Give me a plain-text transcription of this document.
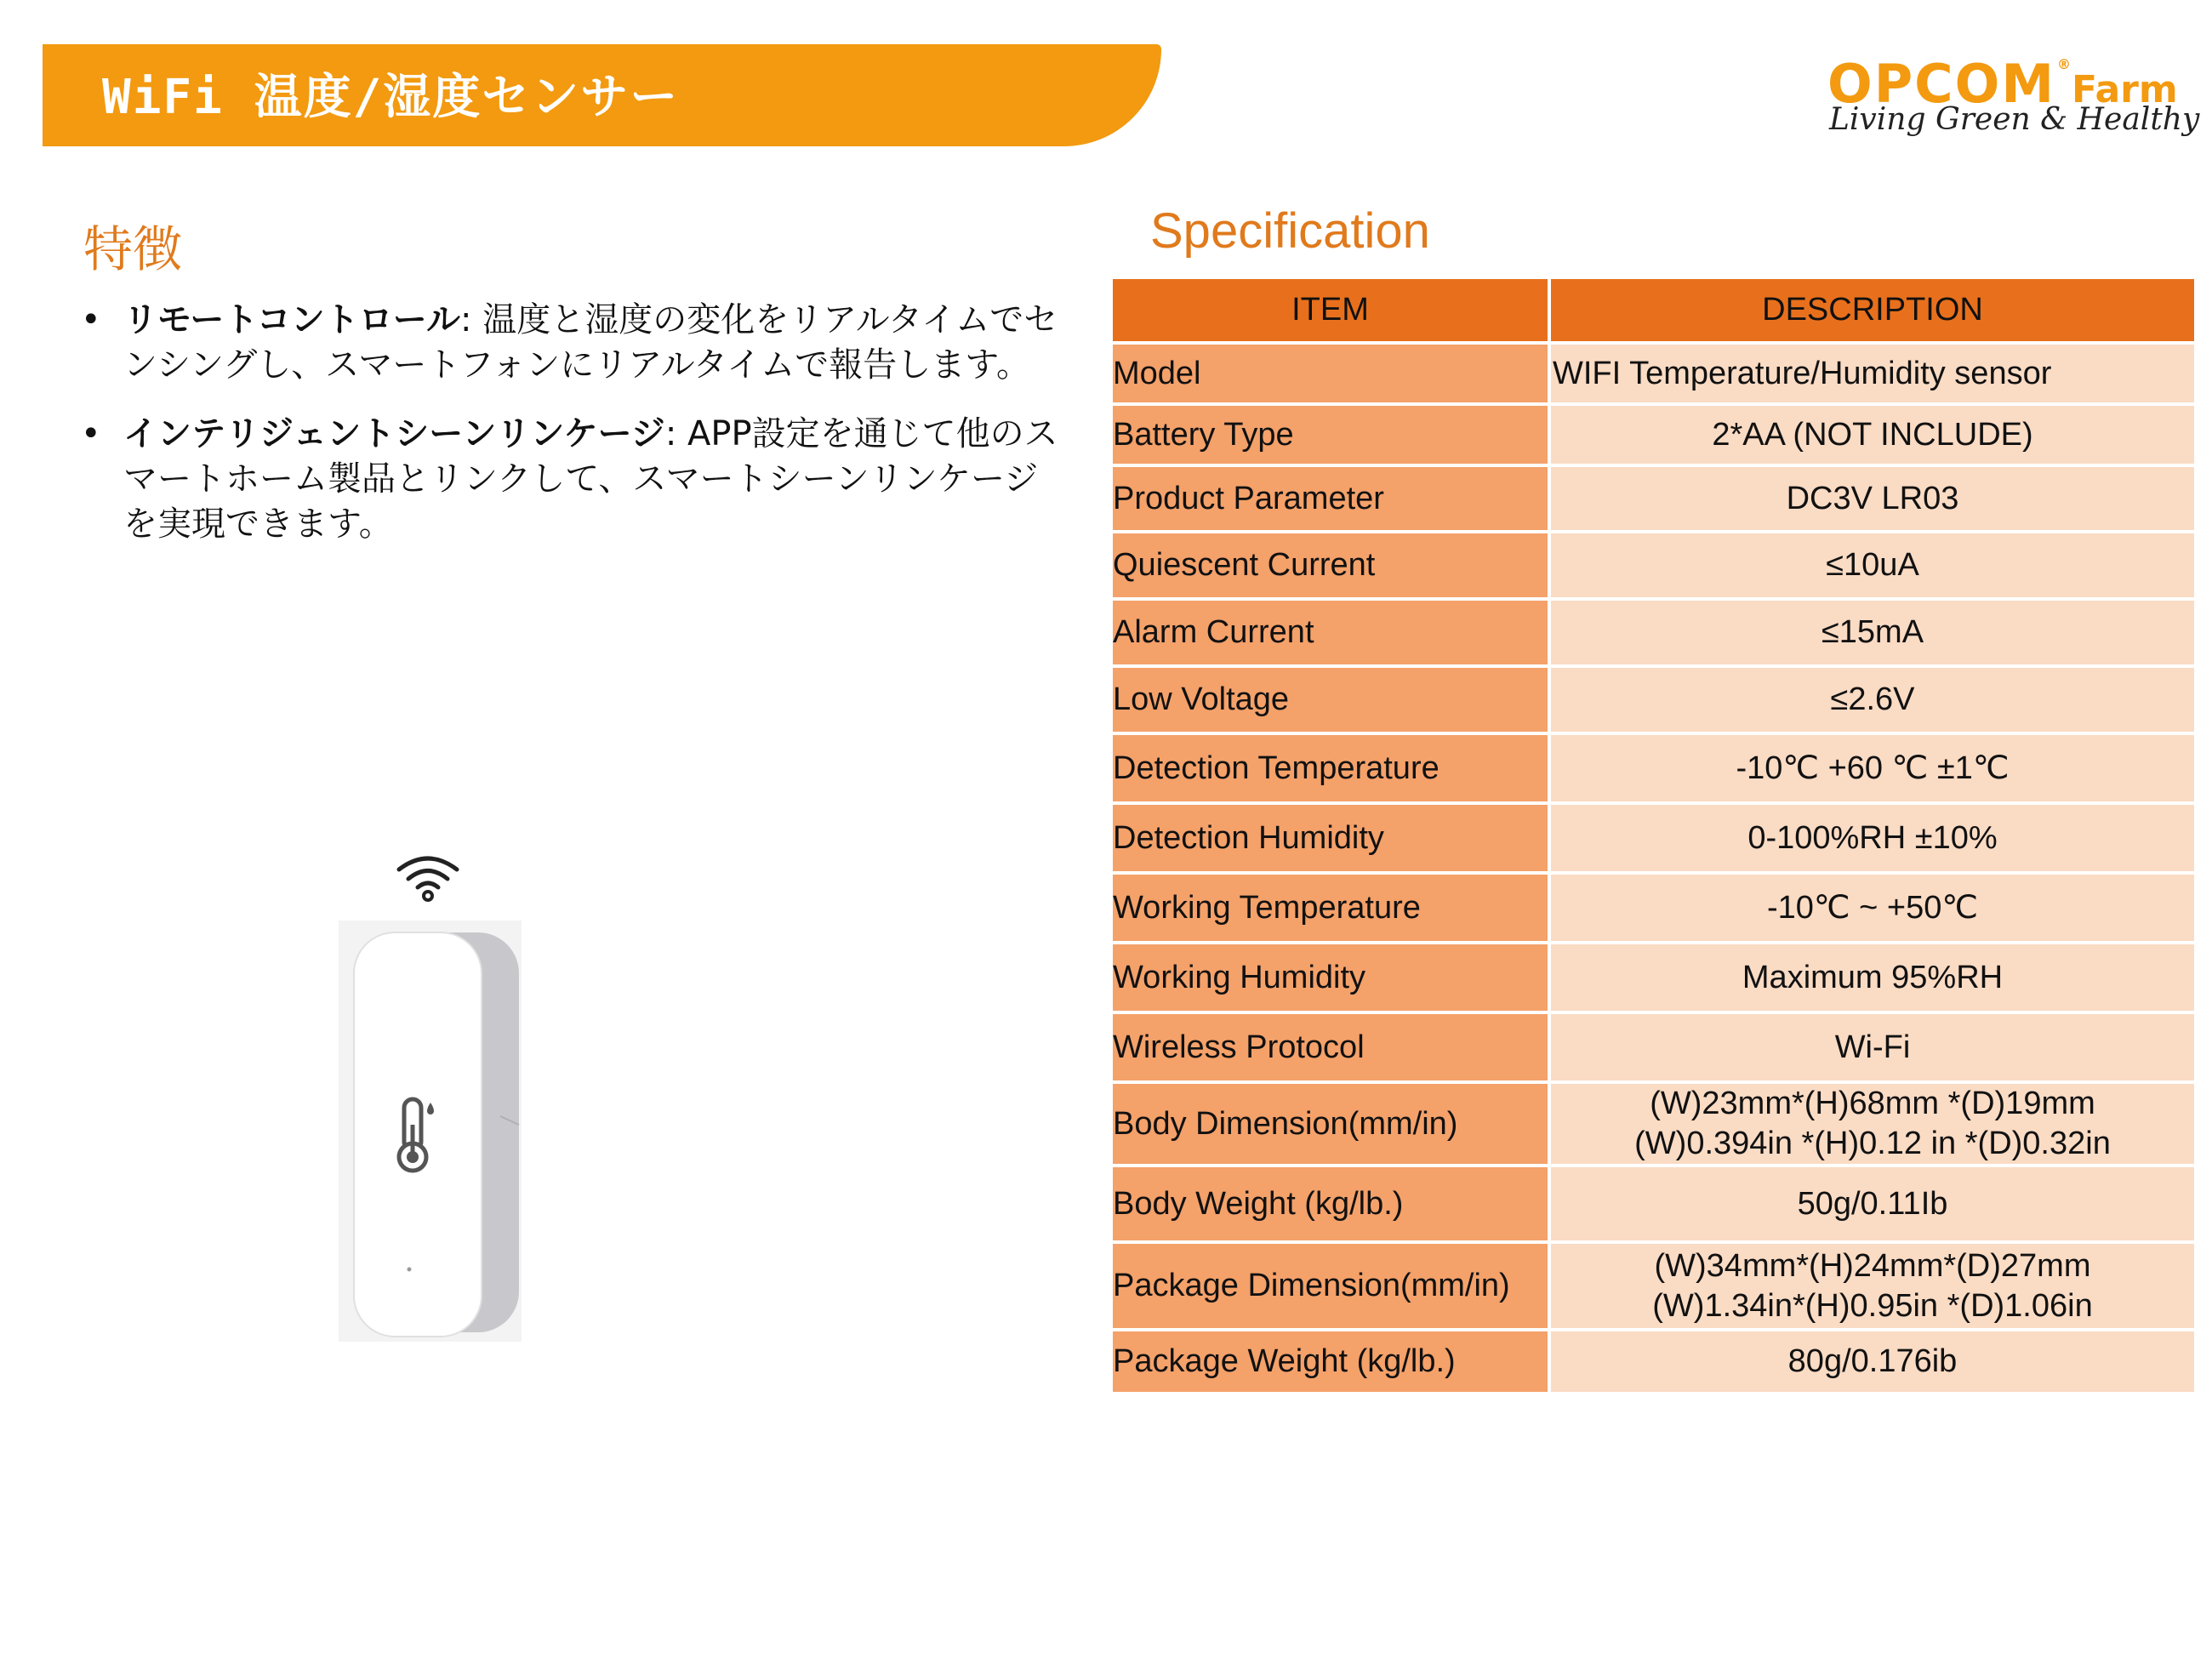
WiFi 温度/湿度センサー	OPCOM ®
Farm
Living Green & Healthy
特徴
• リモートコントロール: 温度と湿度の変化をリアルタイムでセンシングし、スマートフォンにリアルタイムで報告します。
• インテリジェントシーンリンケージ: APP設定を通じて他のスマートホーム製品とリンクして、スマートシーンリンケージを実現できます。
Specification
ITEM	DESCRIPTION
Model	WIFI Temperature/Humidity sensor

Battery Type	2*AA (NOT INCLUDE)

Product Parameter	DC3V LR03

Quiescent Current	≤10uA

Alarm Current	≤15mA

Low Voltage	≤2.6V

Detection Temperature	-10℃ +60 ℃ ±1℃

Detection Humidity	0-100%RH ±10%

Working Temperature	-10℃ ~ +50℃

Working Humidity	Maximum 95%RH

Wireless Protocol	Wi-Fi

Body Dimension(mm/in)	(W)23mm*(H)68mm *(D)19mm
(W)0.394in *(H)0.12 in *(D)0.32in

Body Weight (kg/lb.)	50g/0.11Ib

Package Dimension(mm/in)	(W)34mm*(H)24mm*(D)27mm
(W)1.34in*(H)0.95in *(D)1.06in

Package Weight (kg/lb.)	80g/0.176ib
